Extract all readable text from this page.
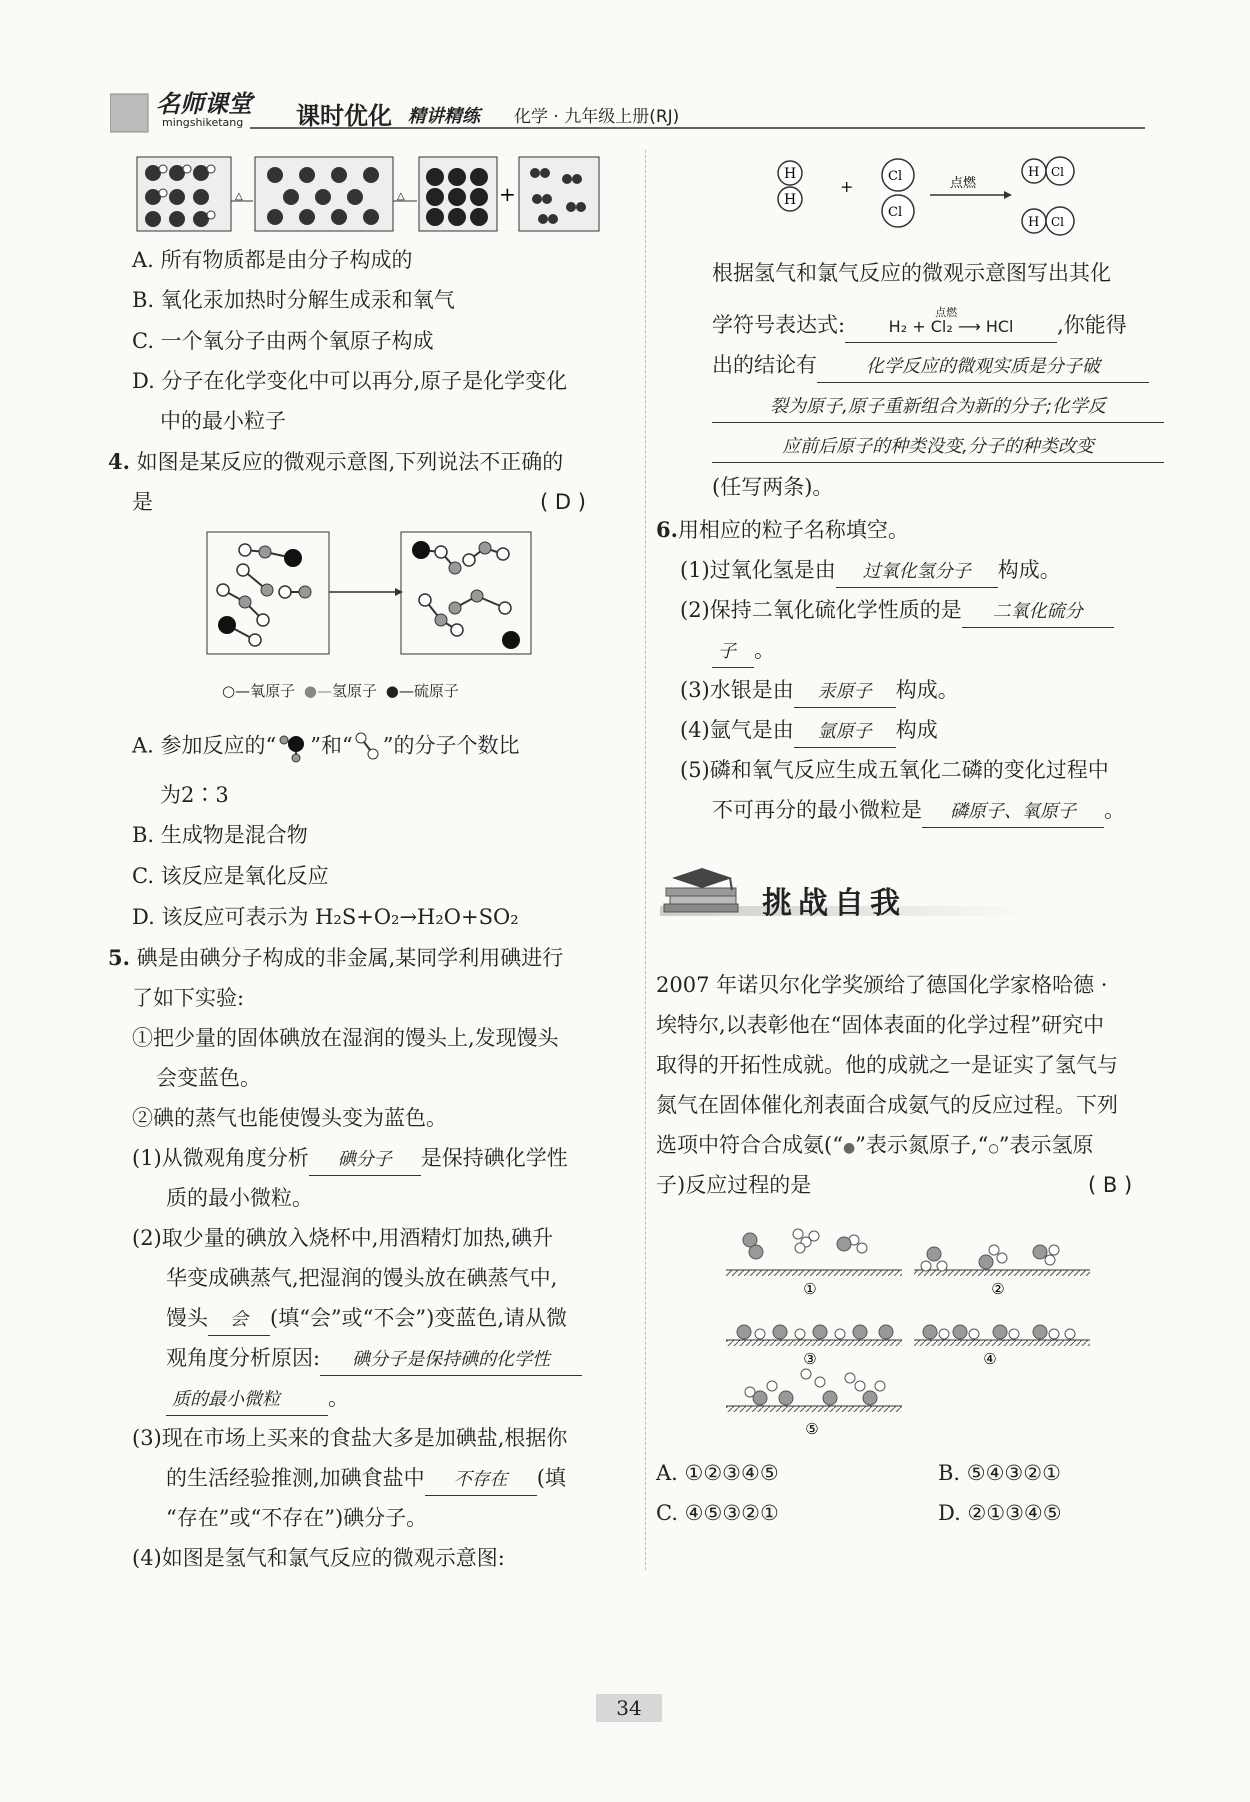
名师课堂
mingshiketang 课时优化 精讲精练 化学 · 九年级上册(RJ)
△	△	+
A. 所有物质都是由分子构成的
B. 氧化汞加热时分解生成汞和氧气
C. 一个氧分子由两个氧原子构成
D. 分子在化学变化中可以再分,原子是化学变化
中的最小粒子
4. 如图是某反应的微观示意图,下列说法不正确的
是	( D )
○—氧原子 ●—氢原子 ●—硫原子
A. 参加反应的“ ”和“ ”的分子个数比
为2∶3
B. 生成物是混合物
C. 该反应是氧化反应
D. 该反应可表示为 H₂S+O₂→H₂O+SO₂
5. 碘是由碘分子构成的非金属,某同学利用碘进行
了如下实验:
①把少量的固体碘放在湿润的馒头上,发现馒头
会变蓝色。
②碘的蒸气也能使馒头变为蓝色。
(1)从微观角度分析 碘分子 是保持碘化学性
质的最小微粒。
(2)取少量的碘放入烧杯中,用酒精灯加热,碘升
华变成碘蒸气,把湿润的馒头放在碘蒸气中,
馒头 会 (填“会”或“不会”)变蓝色,请从微
观角度分析原因: 碘分子是保持碘的化学性
质的最小微粒 。
(3)现在市场上买来的食盐大多是加碘盐,根据你
的生活经验推测,加碘食盐中 不存在 (填
“存在”或“不存在”)碘分子。
(4)如图是氢气和氯气反应的微观示意图:
H
H
+
Cl
Cl
点燃
H Cl
H Cl
根据氢气和氯气反应的微观示意图写出其化
学符号表达式:
点燃
H₂ + Cl₂ ⟶ HCl ,你能得
出的结论有	化学反应的微观实质是分子破
裂为原子,原子重新组合为新的分子;化学反
应前后原子的种类没变,分子的种类改变
(任写两条)。
6.用相应的粒子名称填空。
(1)过氧化氢是由 过氧化氢分子 构成。
(2)保持二氧化硫化学性质的是 二氧化硫分
子 。
(3)水银是由 汞原子 构成。
(4)氩气是由 氩原子 构成
(5)磷和氧气反应生成五氧化二磷的变化过程中
不可再分的最小微粒是 磷原子、氧原子 。
挑战自我
2007 年诺贝尔化学奖颁给了德国化学家格哈德 ·
埃特尔,以表彰他在“固体表面的化学过程”研究中
取得的开拓性成就。他的成就之一是证实了氢气与
氮气在固体催化剂表面合成氨气的反应过程。下列
选项中符合合成氨(“●”表示氮原子,“○”表示氢原
子)反应过程的是	( B )
①	②
③	④
⑤
A. ①②③④⑤	B. ⑤④③②①
C. ④⑤③②①	D. ②①③④⑤
34
